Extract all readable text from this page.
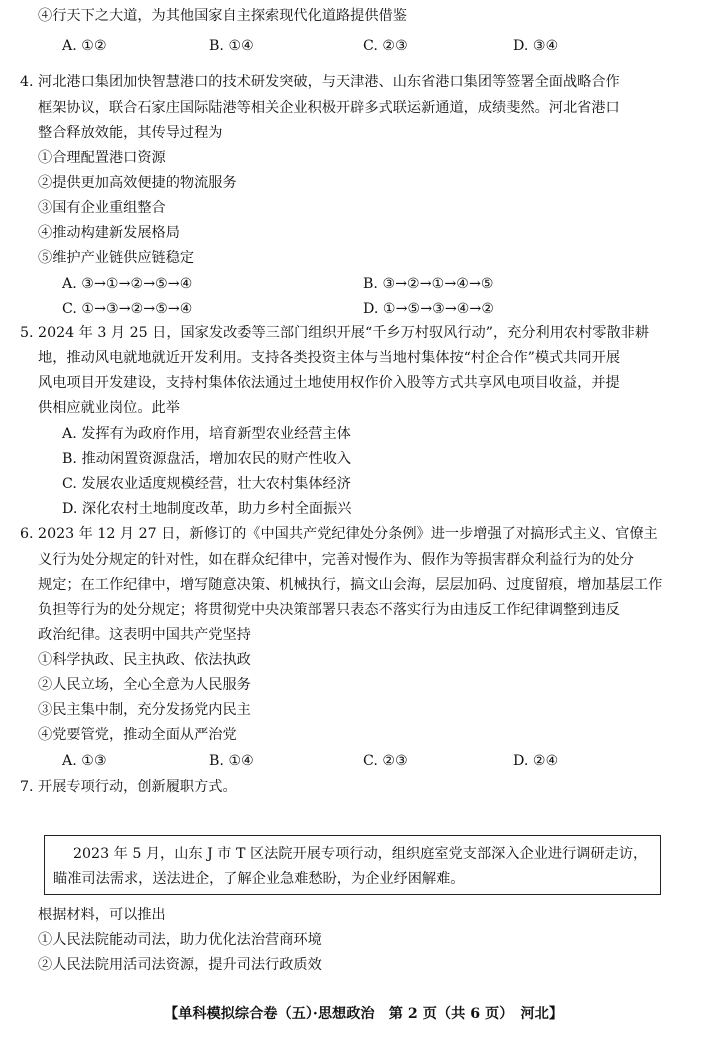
④行天下之大道，为其他国家自主探索现代化道路提供借鉴
A. ①②	B. ①④	C. ②③	D. ③④
4. 河北港口集团加快智慧港口的技术研发突破，与天津港、山东省港口集团等签署全面战略合作
框架协议，联合石家庄国际陆港等相关企业积极开辟多式联运新通道，成绩斐然。河北省港口
整合释放效能，其传导过程为
①合理配置港口资源
②提供更加高效便捷的物流服务
③国有企业重组整合
④推动构建新发展格局
⑤维护产业链供应链稳定
A. ③→①→②→⑤→④	B. ③→②→①→④→⑤
C. ①→③→②→⑤→④	D. ①→⑤→③→④→②
5. 2024 年 3 月 25 日，国家发改委等三部门组织开展“千乡万村驭风行动”，充分利用农村零散非耕
地，推动风电就地就近开发利用。支持各类投资主体与当地村集体按“村企合作”模式共同开展
风电项目开发建设，支持村集体依法通过土地使用权作价入股等方式共享风电项目收益，并提
供相应就业岗位。此举
A. 发挥有为政府作用，培育新型农业经营主体
B. 推动闲置资源盘活，增加农民的财产性收入
C. 发展农业适度规模经营，壮大农村集体经济
D. 深化农村土地制度改革，助力乡村全面振兴
6. 2023 年 12 月 27 日，新修订的《中国共产党纪律处分条例》进一步增强了对搞形式主义、官僚主
义行为处分规定的针对性，如在群众纪律中，完善对慢作为、假作为等损害群众利益行为的处分
规定；在工作纪律中，增写随意决策、机械执行，搞文山会海，层层加码、过度留痕，增加基层工作
负担等行为的处分规定；将贯彻党中央决策部署只表态不落实行为由违反工作纪律调整到违反
政治纪律。这表明中国共产党坚持
①科学执政、民主执政、依法执政
②人民立场，全心全意为人民服务
③民主集中制，充分发扬党内民主
④党要管党，推动全面从严治党
A. ①③	B. ①④	C. ②③	D. ②④
7. 开展专项行动，创新履职方式。
2023 年 5 月，山东 J 市 T 区法院开展专项行动，组织庭室党支部深入企业进行调研走访，
瞄准司法需求，送法进企，了解企业急难愁盼，为企业纾困解难。
根据材料，可以推出
①人民法院能动司法，助力优化法治营商环境
②人民法院用活司法资源，提升司法行政质效
【单科模拟综合卷（五）·思想政治　第 2 页（共 6 页）　河北】
